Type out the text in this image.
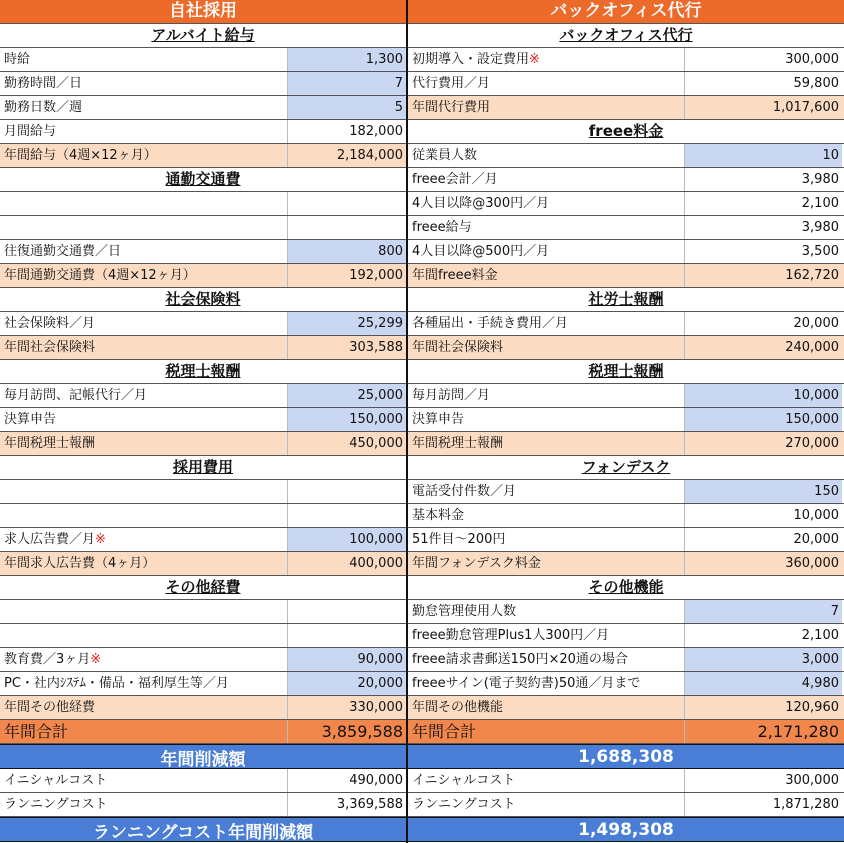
自社採用
アルバイト給与
時給	1,300
勤務時間／日	7
勤務日数／週	5
月間給与	182,000
年間給与（4週×12ヶ月）	2,184,000
通勤交通費
往復通勤交通費／日	800
年間通勤交通費（4週×12ヶ月）	192,000
社会保険料
社会保険料／月	25,299
年間社会保険料	303,588
税理士報酬
毎月訪問、記帳代行／月	25,000
決算申告	150,000
年間税理士報酬	450,000
採用費用
求人広告費／月 ※	100,000
年間求人広告費（4ヶ月）	400,000
その他経費
教育費／3ヶ月 ※	90,000
PC・社内ｼｽﾃﾑ・備品・福利厚生等／月	20,000
年間その他経費	330,000
年間合計	3,859,588
バックオフィス代行
バックオフィス代行
初期導入・設定費用 ※	300,000
代行費用／月	59,800
年間代行費用	1,017,600
freee料金
従業員人数	10
freee会計／月	3,980
4人目以降@300円／月	2,100
freee給与	3,980
4人目以降@500円／月	3,500
年間freee料金	162,720
社労士報酬
各種届出・手続き費用／月	20,000
年間社会保険料	240,000
税理士報酬
毎月訪問／月	10,000
決算申告	150,000
年間税理士報酬	270,000
フォンデスク
電話受付件数／月	150
基本料金	10,000
51件目〜200円	20,000
年間フォンデスク料金	360,000
その他機能
勤怠管理使用人数	7
freee勤怠管理Plus1人300円／月	2,100
freee請求書郵送150円×20通の場合	3,000
freeeサイン(電子契約書)50通／月まで	4,980
年間その他機能	120,960
年間合計	2,171,280
年間削減額	1,688,308
イニシャルコスト	490,000
ランニングコスト	3,369,588
イニシャルコスト	300,000
ランニングコスト	1,871,280
ランニングコスト年間削減額	1,498,308
